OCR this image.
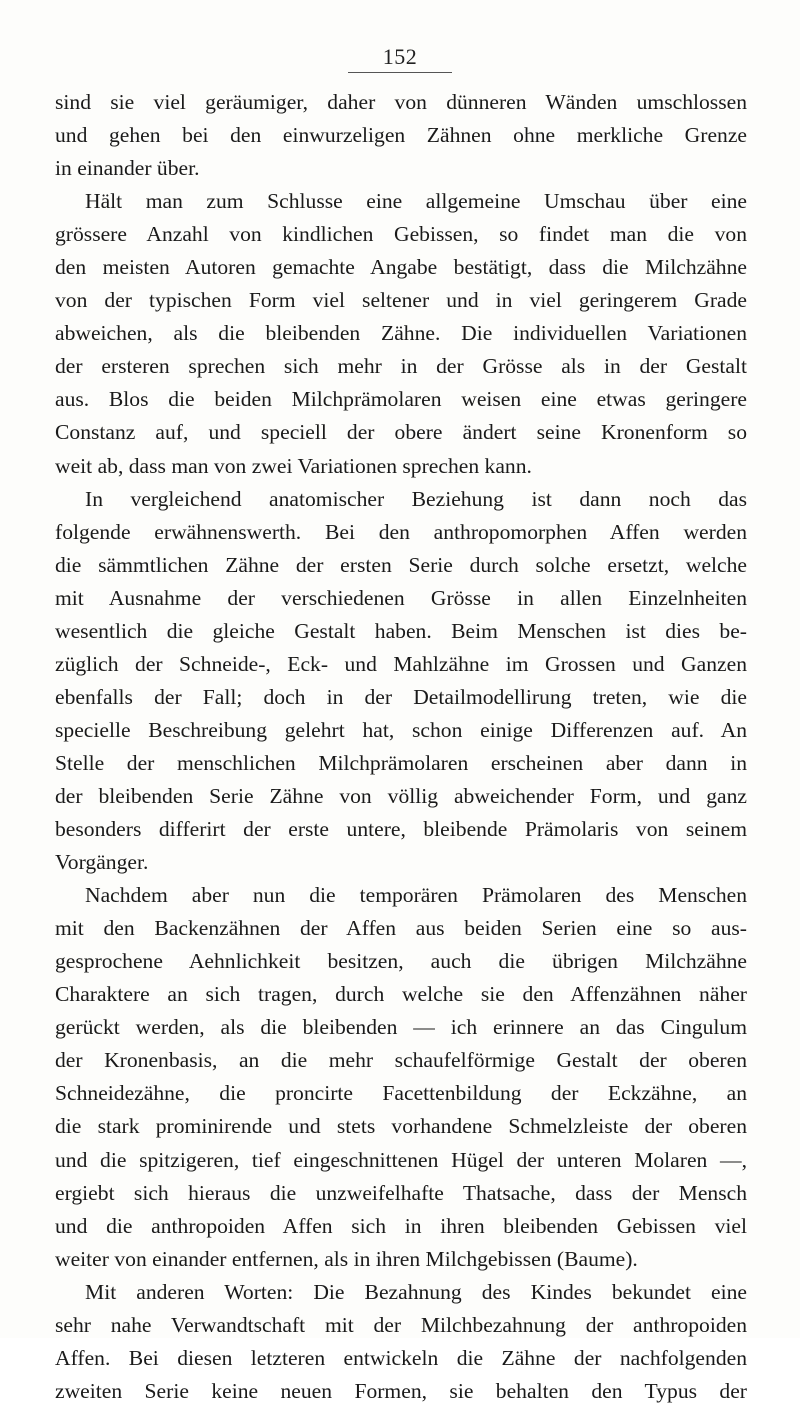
152
sind sie viel geräumiger, daher von dünneren Wänden umschlossen
und gehen bei den einwurzeligen Zähnen ohne merkliche Grenze
in einander über.
Hält man zum Schlusse eine allgemeine Umschau über eine
grössere Anzahl von kindlichen Gebissen, so findet man die von
den meisten Autoren gemachte Angabe bestätigt, dass die Milchzähne
von der typischen Form viel seltener und in viel geringerem Grade
abweichen, als die bleibenden Zähne. Die individuellen Variationen
der ersteren sprechen sich mehr in der Grösse als in der Gestalt
aus. Blos die beiden Milchprämolaren weisen eine etwas geringere
Constanz auf, und speciell der obere ändert seine Kronenform so
weit ab, dass man von zwei Variationen sprechen kann.
In vergleichend anatomischer Beziehung ist dann noch das
folgende erwähnenswerth. Bei den anthropomorphen Affen werden
die sämmtlichen Zähne der ersten Serie durch solche ersetzt, welche
mit Ausnahme der verschiedenen Grösse in allen Einzelnheiten
wesentlich die gleiche Gestalt haben. Beim Menschen ist dies be-
züglich der Schneide-, Eck- und Mahlzähne im Grossen und Ganzen
ebenfalls der Fall; doch in der Detailmodellirung treten, wie die
specielle Beschreibung gelehrt hat, schon einige Differenzen auf. An
Stelle der menschlichen Milchprämolaren erscheinen aber dann in
der bleibenden Serie Zähne von völlig abweichender Form, und ganz
besonders differirt der erste untere, bleibende Prämolaris von seinem
Vorgänger.
Nachdem aber nun die temporären Prämolaren des Menschen
mit den Backenzähnen der Affen aus beiden Serien eine so aus-
gesprochene Aehnlichkeit besitzen, auch die übrigen Milchzähne
Charaktere an sich tragen, durch welche sie den Affenzähnen näher
gerückt werden, als die bleibenden — ich erinnere an das Cingulum
der Kronenbasis, an die mehr schaufelförmige Gestalt der oberen
Schneidezähne, die proncirte Facettenbildung der Eckzähne, an
die stark prominirende und stets vorhandene Schmelzleiste der oberen
und die spitzigeren, tief eingeschnittenen Hügel der unteren Molaren —,
ergiebt sich hieraus die unzweifelhafte Thatsache, dass der Mensch
und die anthropoiden Affen sich in ihren bleibenden Gebissen viel
weiter von einander entfernen, als in ihren Milchgebissen (Baume).
Mit anderen Worten: Die Bezahnung des Kindes bekundet eine
sehr nahe Verwandtschaft mit der Milchbezahnung der anthropoiden
Affen. Bei diesen letzteren entwickeln die Zähne der nachfolgenden
zweiten Serie keine neuen Formen, sie behalten den Typus der
